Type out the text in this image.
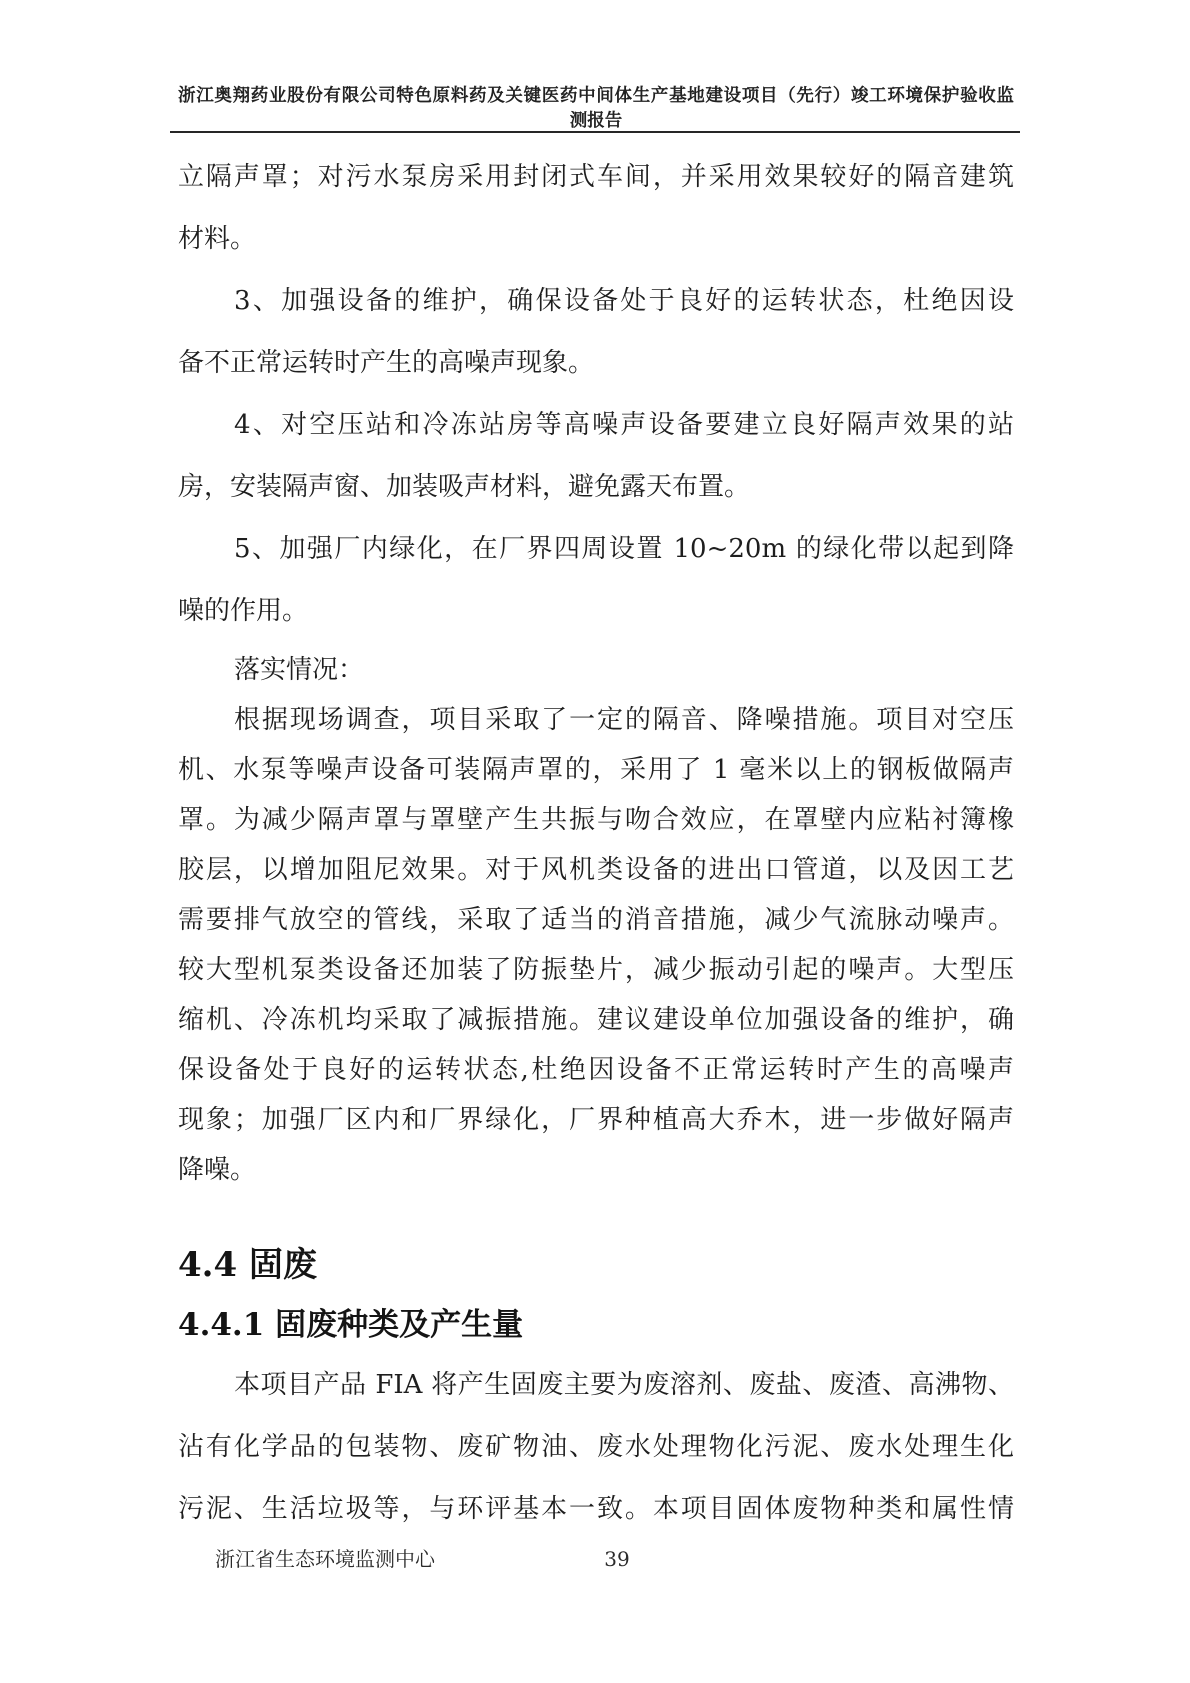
浙江奥翔药业股份有限公司特色原料药及关键医药中间体生产基地建设项目（先行）竣工环境保护验收监
测报告
立隔声罩；对污水泵房采用封闭式车间，并采用效果较好的隔音建筑
材料。
3、加强设备的维护，确保设备处于良好的运转状态，杜绝因设
备不正常运转时产生的高噪声现象。
4、对空压站和冷冻站房等高噪声设备要建立良好隔声效果的站
房，安装隔声窗、加装吸声材料，避免露天布置。
5、加强厂内绿化，在厂界四周设置 10~20m 的绿化带以起到降
噪的作用。
落实情况：
根据现场调查，项目采取了一定的隔音、降噪措施。项目对空压
机、水泵等噪声设备可装隔声罩的，采用了 1 毫米以上的钢板做隔声
罩。为减少隔声罩与罩壁产生共振与吻合效应，在罩壁内应粘衬簿橡
胶层，以增加阻尼效果。对于风机类设备的进出口管道，以及因工艺
需要排气放空的管线，采取了适当的消音措施，减少气流脉动噪声。
较大型机泵类设备还加装了防振垫片，减少振动引起的噪声。大型压
缩机、冷冻机均采取了减振措施。建议建设单位加强设备的维护，确
保设备处于良好的运转状态,杜绝因设备不正常运转时产生的高噪声
现象；加强厂区内和厂界绿化，厂界种植高大乔木，进一步做好隔声
降噪。
4.4 固废
4.4.1 固废种类及产生量
本项目产品 FIA 将产生固废主要为废溶剂、废盐、废渣、高沸物、
沾有化学品的包装物、废矿物油、废水处理物化污泥、废水处理生化
污泥、生活垃圾等，与环评基本一致。本项目固体废物种类和属性情
浙江省生态环境监测中心	39
